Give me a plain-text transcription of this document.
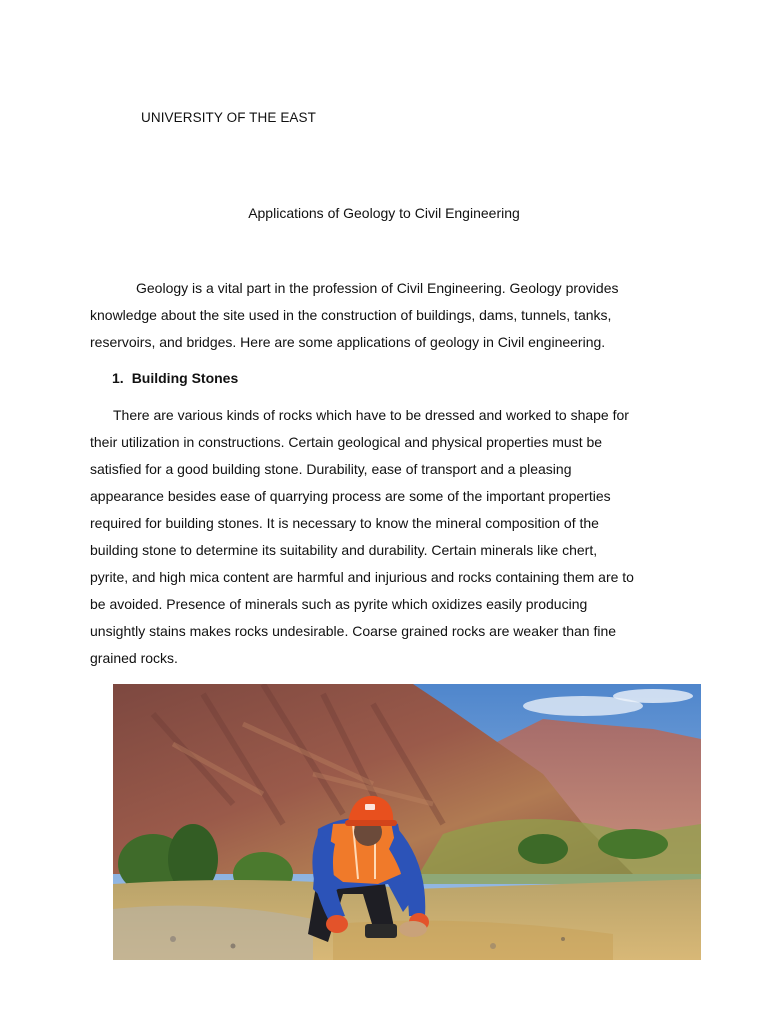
UNIVERSITY OF THE EAST
Applications of Geology to Civil Engineering

Geology is a vital part in the profession of Civil Engineering. Geology provides
knowledge about the site used in the construction of buildings, dams, tunnels, tanks,
reservoirs, and bridges. Here are some applications of geology in Civil engineering.

1. Building Stones

There are various kinds of rocks which have to be dressed and worked to shape for
their utilization in constructions. Certain geological and physical properties must be
satisfied for a good building stone. Durability, ease of transport and a pleasing
appearance besides ease of quarrying process are some of the important properties
required for building stones. It is necessary to know the mineral composition of the
building stone to determine its suitability and durability. Certain minerals like chert,
pyrite, and high mica content are harmful and injurious and rocks containing them are to
be avoided. Presence of minerals such as pyrite which oxidizes easily producing
unsightly stains makes rocks undesirable. Coarse grained rocks are weaker than fine
grained rocks.
